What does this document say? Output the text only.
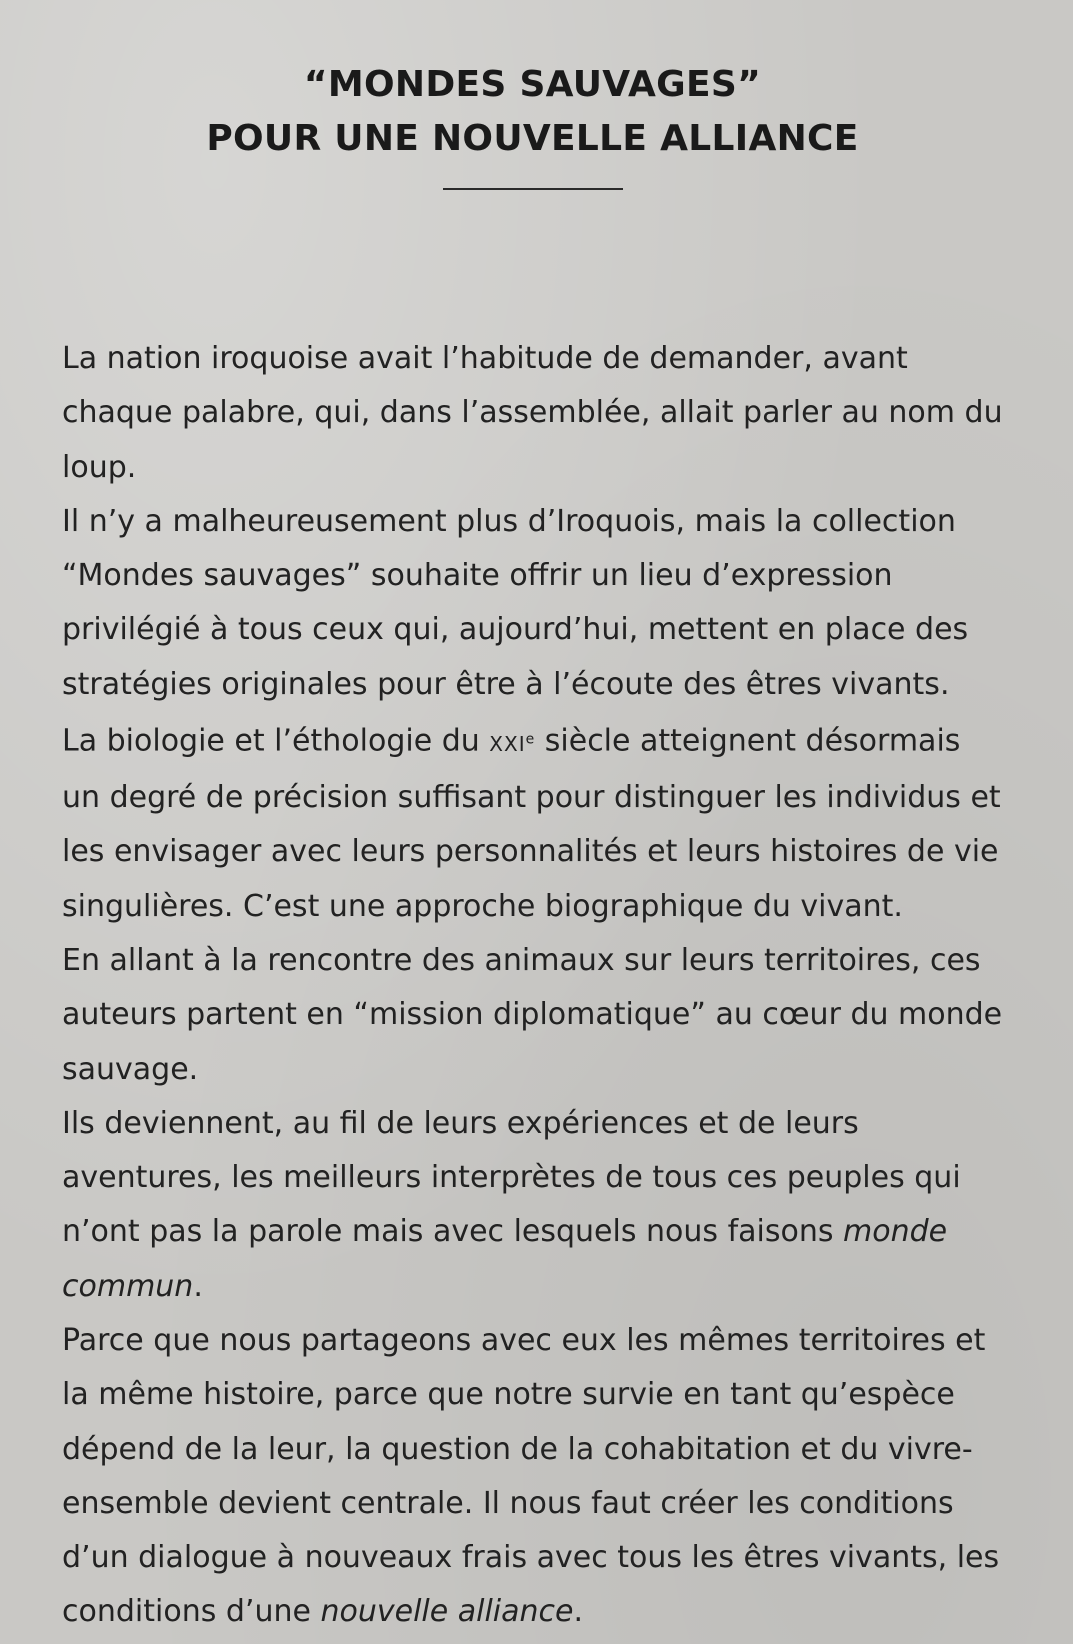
“MONDES SAUVAGES”

POUR UNE NOUVELLE ALLIANCE

La nation iroquoise avait l’habitude de demander, avant chaque palabre, qui, dans l’assemblée, allait parler au nom du loup.

Il n’y a malheureusement plus d’Iroquois, mais la collection “Mondes sauvages” souhaite offrir un lieu d’expression privilégié à tous ceux qui, aujourd’hui, mettent en place des stratégies originales pour être à l’écoute des êtres vivants.

La biologie et l’éthologie du XXIe siècle atteignent désormais un degré de précision suffisant pour distinguer les individus et les envisager avec leurs personnalités et leurs histoires de vie singulières. C’est une approche biographique du vivant.

En allant à la rencontre des animaux sur leurs territoires, ces auteurs partent en “mission diplomatique” au cœur du monde sauvage.

Ils deviennent, au fil de leurs expériences et de leurs aventures, les meilleurs interprètes de tous ces peuples qui n’ont pas la parole mais avec lesquels nous faisons monde commun.

Parce que nous partageons avec eux les mêmes territoires et la même histoire, parce que notre survie en tant qu’espèce dépend de la leur, la question de la cohabitation et du vivre-ensemble devient centrale. Il nous faut créer les conditions d’un dialogue à nouveaux frais avec tous les êtres vivants, les conditions d’une nouvelle alliance.
